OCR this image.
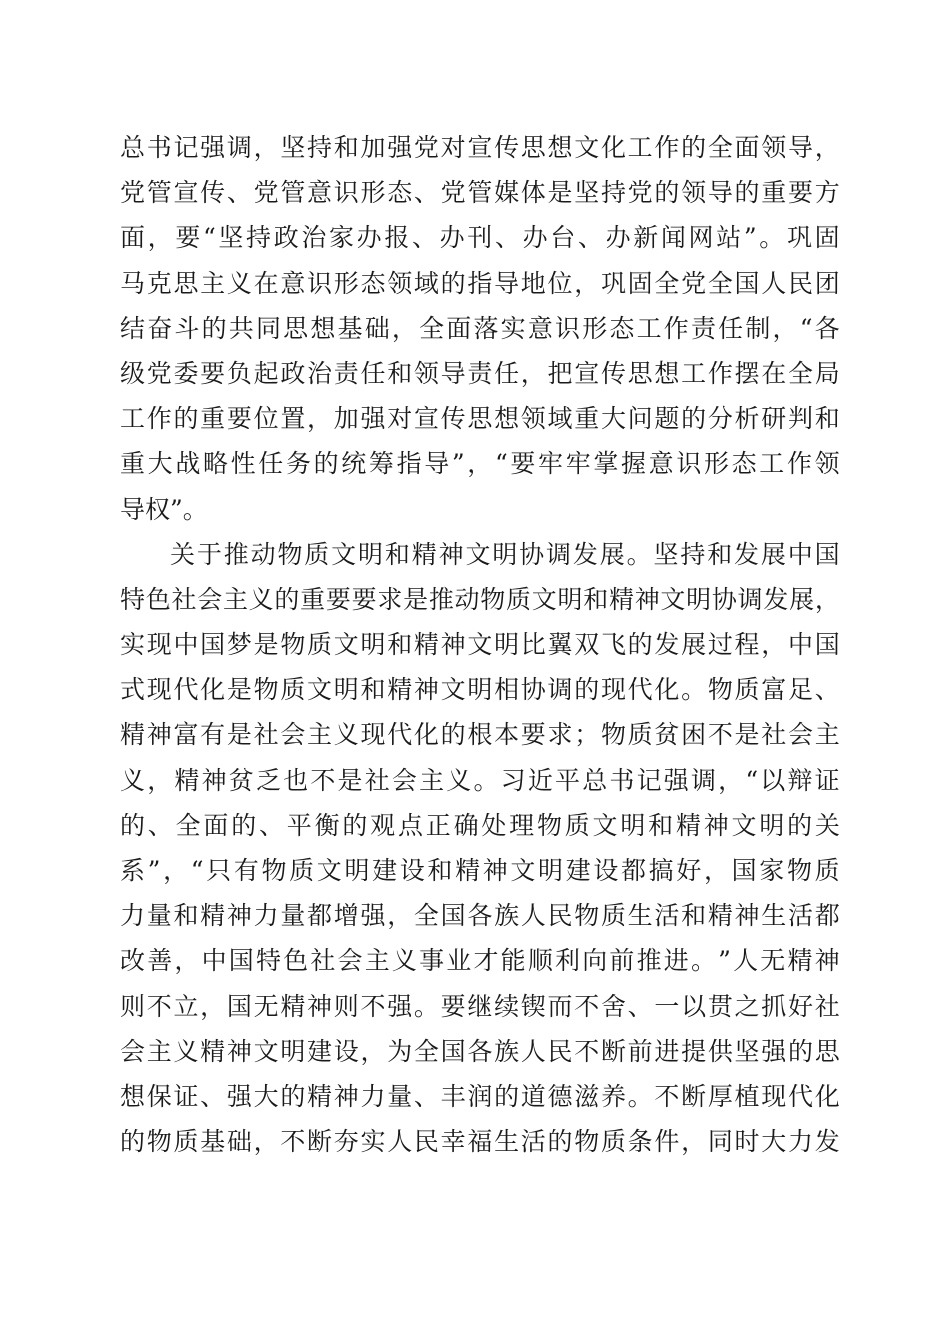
总 书 记 强 调 ， 坚 持 和 加 强 党 对 宣 传 思 想 文 化 工 作 的 全 面 领 导 ，
党 管 宣 传 、 党 管 意 识 形 态 、 党 管 媒 体 是 坚 持 党 的 领 导 的 重 要 方
面 ， 要 “ 坚 持 政 治 家 办 报 、 办 刊 、 办 台 、 办 新 闻 网 站 ” 。 巩 固
马 克 思 主 义 在 意 识 形 态 领 域 的 指 导 地 位 ， 巩 固 全 党 全 国 人 民 团
结 奋 斗 的 共 同 思 想 基 础 ， 全 面 落 实 意 识 形 态 工 作 责 任 制 ， “ 各
级 党 委 要 负 起 政 治 责 任 和 领 导 责 任 ， 把 宣 传 思 想 工 作 摆 在 全 局
工 作 的 重 要 位 置 ， 加 强 对 宣 传 思 想 领 域 重 大 问 题 的 分 析 研 判 和
重 大 战 略 性 任 务 的 统 筹 指 导 ” ， “ 要 牢 牢 掌 握 意 识 形 态 工 作 领
导权”。
关 于 推 动 物 质 文 明 和 精 神 文 明 协 调 发 展 。 坚 持 和 发 展 中 国
特 色 社 会 主 义 的 重 要 要 求 是 推 动 物 质 文 明 和 精 神 文 明 协 调 发 展 ，
实 现 中 国 梦 是 物 质 文 明 和 精 神 文 明 比 翼 双 飞 的 发 展 过 程 ， 中 国
式 现 代 化 是 物 质 文 明 和 精 神 文 明 相 协 调 的 现 代 化 。 物 质 富 足 、
精 神 富 有 是 社 会 主 义 现 代 化 的 根 本 要 求 ； 物 质 贫 困 不 是 社 会 主
义 ， 精 神 贫 乏 也 不 是 社 会 主 义 。 习 近 平 总 书 记 强 调 ， “ 以 辩 证
的 、 全 面 的 、 平 衡 的 观 点 正 确 处 理 物 质 文 明 和 精 神 文 明 的 关
系 ” ， “ 只 有 物 质 文 明 建 设 和 精 神 文 明 建 设 都 搞 好 ， 国 家 物 质
力 量 和 精 神 力 量 都 增 强 ， 全 国 各 族 人 民 物 质 生 活 和 精 神 生 活 都
改 善 ， 中 国 特 色 社 会 主 义 事 业 才 能 顺 利 向 前 推 进 。 ” 人 无 精 神
则 不 立 ， 国 无 精 神 则 不 强 。 要 继 续 锲 而 不 舍 、 一 以 贯 之 抓 好 社
会 主 义 精 神 文 明 建 设 ， 为 全 国 各 族 人 民 不 断 前 进 提 供 坚 强 的 思
想 保 证 、 强 大 的 精 神 力 量 、 丰 润 的 道 德 滋 养 。 不 断 厚 植 现 代 化
的 物 质 基 础 ， 不 断 夯 实 人 民 幸 福 生 活 的 物 质 条 件 ， 同 时 大 力 发
